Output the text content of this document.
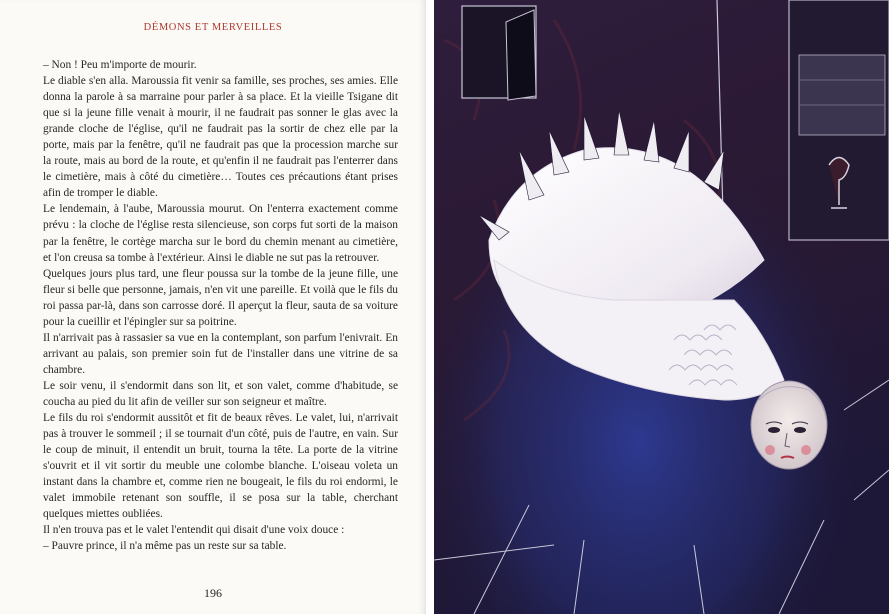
DÉMONS ET MERVEILLES

– Non ! Peu m'importe de mourir.

Le diable s'en alla. Maroussia fit venir sa famille, ses proches, ses amies. Elle donna la parole à sa marraine pour parler à sa place. Et la vieille Tsigane dit que si la jeune fille venait à mourir, il ne faudrait pas sonner le glas avec la grande cloche de l'église, qu'il ne faudrait pas la sortir de chez elle par la porte, mais par la fenêtre, qu'il ne faudrait pas que la procession marche sur la route, mais au bord de la route, et qu'enfin il ne faudrait pas l'enterrer dans le cimetière, mais à côté du cimetière… Toutes ces précautions étant prises afin de tromper le diable.

Le lendemain, à l'aube, Maroussia mourut. On l'enterra exactement comme prévu : la cloche de l'église resta silencieuse, son corps fut sorti de la maison par la fenêtre, le cortège marcha sur le bord du chemin menant au cimetière, et l'on creusa sa tombe à l'extérieur. Ainsi le diable ne sut pas la retrouver.

Quelques jours plus tard, une fleur poussa sur la tombe de la jeune fille, une fleur si belle que personne, jamais, n'en vit une pareille. Et voilà que le fils du roi passa par-là, dans son carrosse doré. Il aperçut la fleur, sauta de sa voiture pour la cueillir et l'épingler sur sa poitrine.

Il n'arrivait pas à rassasier sa vue en la contemplant, son parfum l'enivrait. En arrivant au palais, son premier soin fut de l'installer dans une vitrine de sa chambre.

Le soir venu, il s'endormit dans son lit, et son valet, comme d'habitude, se coucha au pied du lit afin de veiller sur son seigneur et maître.

Le fils du roi s'endormit aussitôt et fit de beaux rêves. Le valet, lui, n'arrivait pas à trouver le sommeil ; il se tournait d'un côté, puis de l'autre, en vain. Sur le coup de minuit, il entendit un bruit, tourna la tête. La porte de la vitrine s'ouvrit et il vit sortir du meuble une colombe blanche. L'oiseau voleta un instant dans la chambre et, comme rien ne bougeait, le fils du roi endormi, le valet immobile retenant son souffle, il se posa sur la table, cherchant quelques miettes oubliées.

Il n'en trouva pas et le valet l'entendit qui disait d'une voix douce :

– Pauvre prince, il n'a même pas un reste sur sa table.

196
